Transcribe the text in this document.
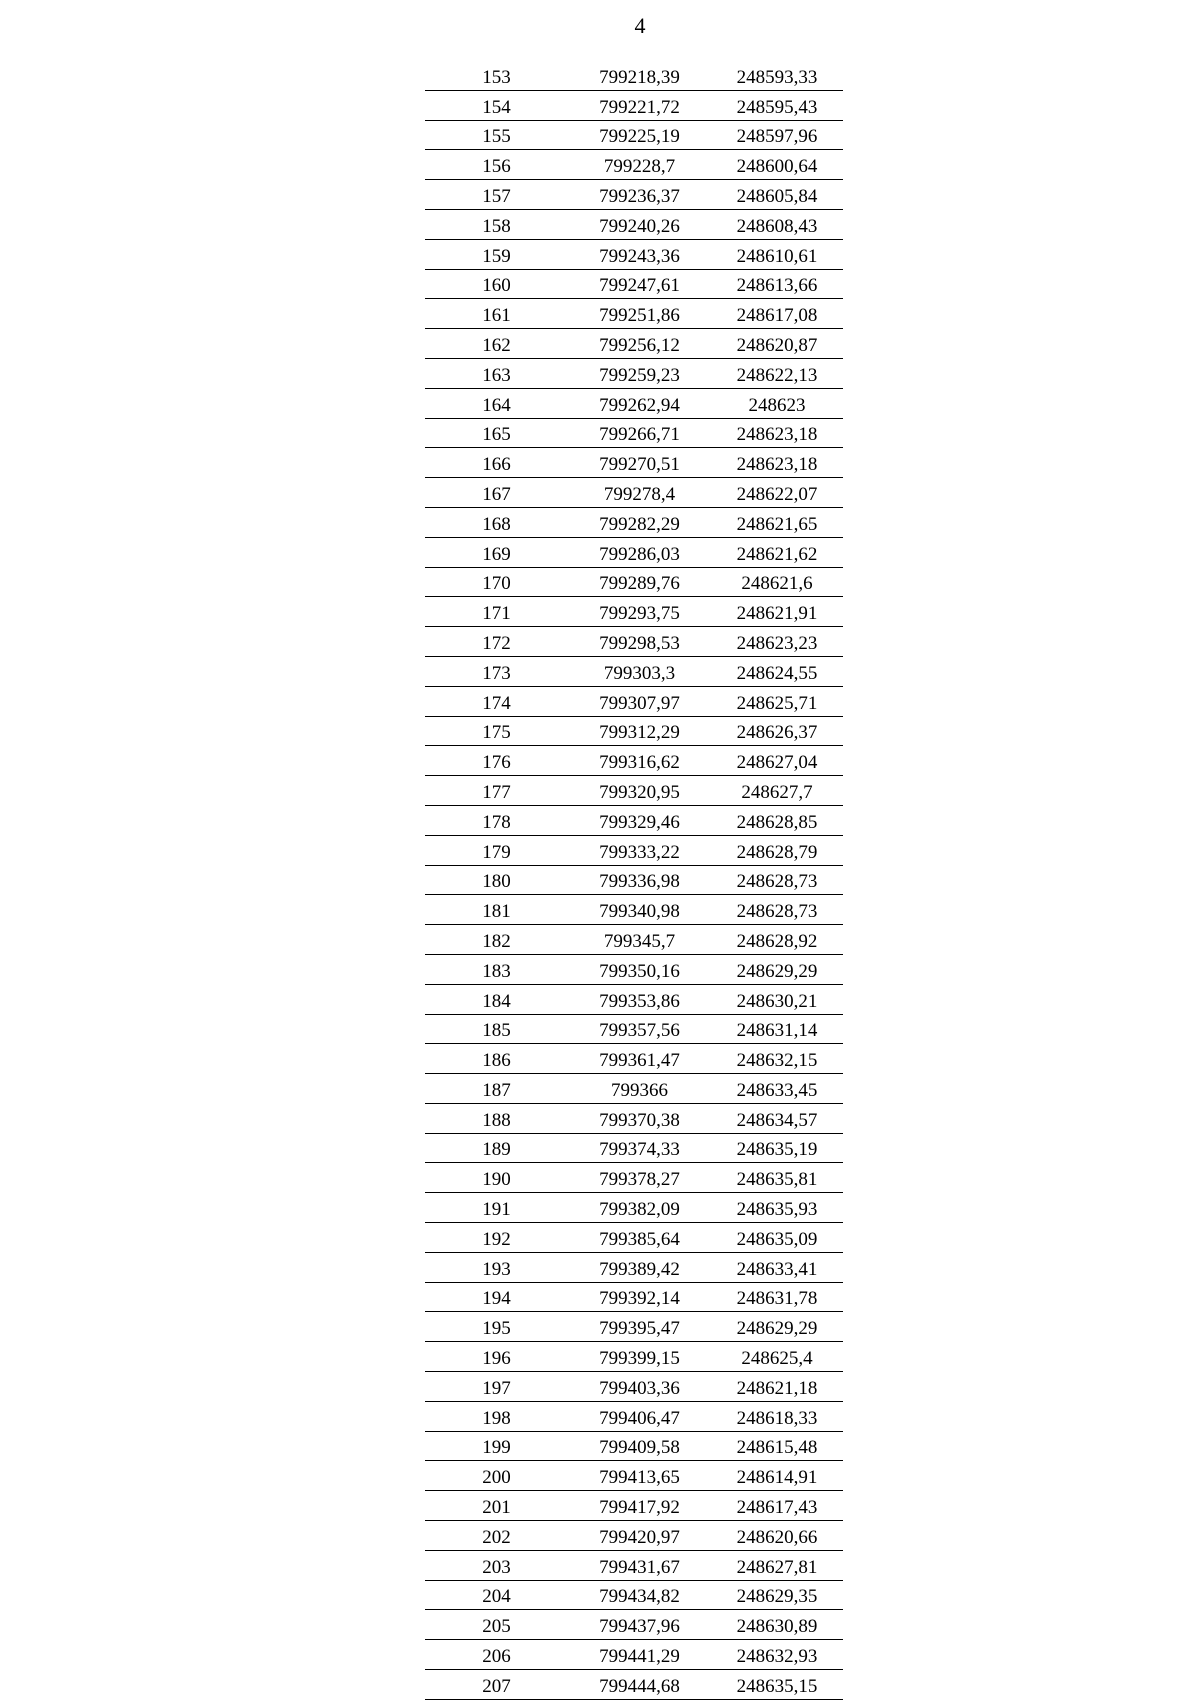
4
153	799218,39	248593,33
154	799221,72	248595,43
155	799225,19	248597,96
156	799228,7	248600,64
157	799236,37	248605,84
158	799240,26	248608,43
159	799243,36	248610,61
160	799247,61	248613,66
161	799251,86	248617,08
162	799256,12	248620,87
163	799259,23	248622,13
164	799262,94	248623
165	799266,71	248623,18
166	799270,51	248623,18
167	799278,4	248622,07
168	799282,29	248621,65
169	799286,03	248621,62
170	799289,76	248621,6
171	799293,75	248621,91
172	799298,53	248623,23
173	799303,3	248624,55
174	799307,97	248625,71
175	799312,29	248626,37
176	799316,62	248627,04
177	799320,95	248627,7
178	799329,46	248628,85
179	799333,22	248628,79
180	799336,98	248628,73
181	799340,98	248628,73
182	799345,7	248628,92
183	799350,16	248629,29
184	799353,86	248630,21
185	799357,56	248631,14
186	799361,47	248632,15
187	799366	248633,45
188	799370,38	248634,57
189	799374,33	248635,19
190	799378,27	248635,81
191	799382,09	248635,93
192	799385,64	248635,09
193	799389,42	248633,41
194	799392,14	248631,78
195	799395,47	248629,29
196	799399,15	248625,4
197	799403,36	248621,18
198	799406,47	248618,33
199	799409,58	248615,48
200	799413,65	248614,91
201	799417,92	248617,43
202	799420,97	248620,66
203	799431,67	248627,81
204	799434,82	248629,35
205	799437,96	248630,89
206	799441,29	248632,93
207	799444,68	248635,15
